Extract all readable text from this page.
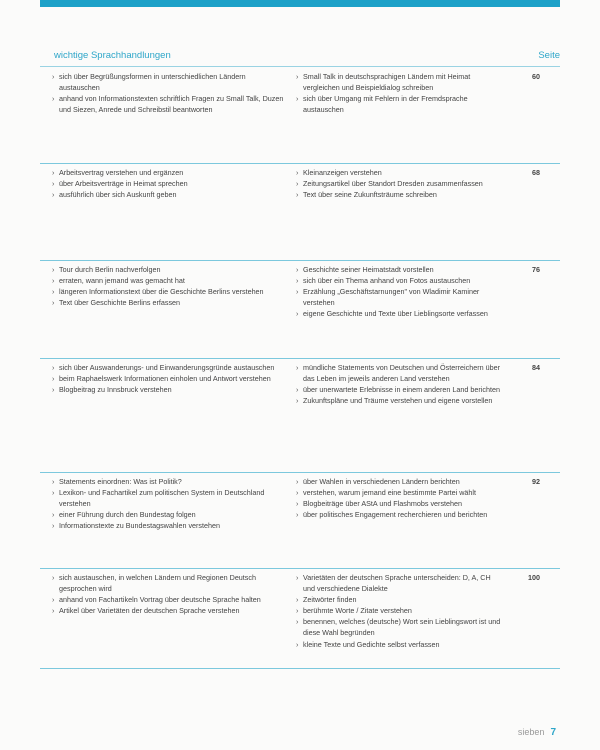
wichtige Sprachhandlungen	Seite
› sich über Begrüßungsformen in unterschiedlichen Ländern austauschen
› anhand von Informationstexten schriftlich Fragen zu Small Talk, Duzen und Siezen, Anrede und Schreibstil beantworten
› Small Talk in deutschsprachigen Ländern mit Heimat vergleichen und Beispieldialog schreiben
› sich über Umgang mit Fehlern in der Fremdsprache austauschen
60
› Arbeitsvertrag verstehen und ergänzen
› über Arbeitsverträge in Heimat sprechen
› ausführlich über sich Auskunft geben
› Kleinanzeigen verstehen
› Zeitungsartikel über Standort Dresden zusammenfassen
› Text über seine Zukunftsträume schreiben
68
› Tour durch Berlin nachverfolgen
› erraten, wann jemand was gemacht hat
› längeren Informationstext über die Geschichte Berlins verstehen
› Text über Geschichte Berlins erfassen
› Geschichte seiner Heimatstadt vorstellen
› sich über ein Thema anhand von Fotos austauschen
› Erzählung „Geschäftstarnungen" von Wladimir Kaminer verstehen
› eigene Geschichte und Texte über Lieblingsorte verfassen
76
› sich über Auswanderungs- und Einwanderungsgründe austauschen
› beim Raphaelswerk Informationen einholen und Antwort verstehen
› Blogbeitrag zu Innsbruck verstehen
› mündliche Statements von Deutschen und Österreichern über das Leben im jeweils anderen Land verstehen
› über unerwartete Erlebnisse in einem anderen Land berichten
› Zukunftspläne und Träume verstehen und eigene vorstellen
84
› Statements einordnen: Was ist Politik?
› Lexikon- und Fachartikel zum politischen System in Deutschland verstehen
› einer Führung durch den Bundestag folgen
› Informationstexte zu Bundestagswahlen verstehen
› über Wahlen in verschiedenen Ländern berichten
› verstehen, warum jemand eine bestimmte Partei wählt
› Blogbeiträge über AStA und Flashmobs verstehen
› über politisches Engagement recherchieren und berichten
92
› sich austauschen, in welchen Ländern und Regionen Deutsch gesprochen wird
› anhand von Fachartikeln Vortrag über deutsche Sprache halten
› Artikel über Varietäten der deutschen Sprache verstehen
› Varietäten der deutschen Sprache unterscheiden: D, A, CH und verschiedene Dialekte
› Zeitwörter finden
› berühmte Worte / Zitate verstehen
› benennen, welches (deutsche) Wort sein Lieblingswort ist und diese Wahl begründen
› kleine Texte und Gedichte selbst verfassen
100
sieben 7
